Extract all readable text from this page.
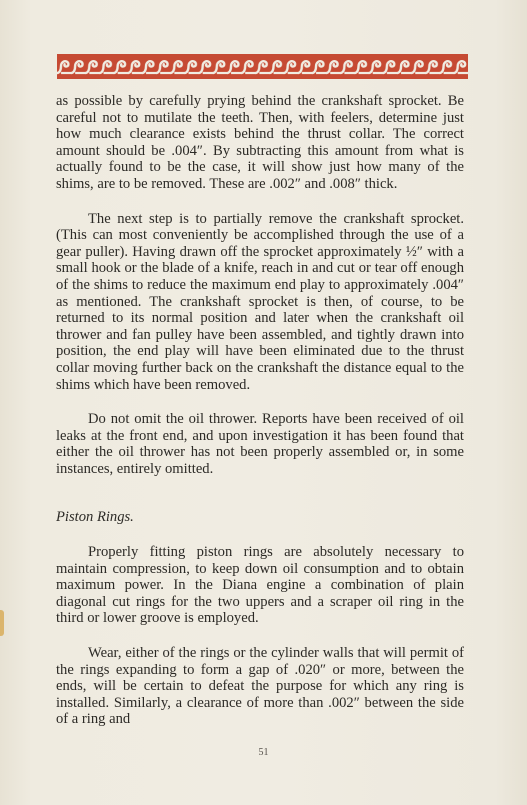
as possible by carefully prying behind the crankshaft sprocket. Be careful not to mutilate the teeth. Then, with feelers, determine just how much clearance exists behind the thrust collar. The correct amount should be .004″. By subtracting this amount from what is actually found to be the case, it will show just how many of the shims, are to be removed. These are .002″ and .008″ thick.

The next step is to partially remove the crankshaft sprocket. (This can most conveniently be accomplished through the use of a gear puller). Having drawn off the sprocket approximately ½″ with a small hook or the blade of a knife, reach in and cut or tear off enough of the shims to reduce the maximum end play to approximately .004″ as mentioned. The crankshaft sprocket is then, of course, to be returned to its normal position and later when the crankshaft oil thrower and fan pulley have been assembled, and tightly drawn into position, the end play will have been eliminated due to the thrust collar moving further back on the crankshaft the distance equal to the shims which have been removed.

Do not omit the oil thrower. Reports have been received of oil leaks at the front end, and upon investigation it has been found that either the oil thrower has not been properly assembled or, in some instances, entirely omitted.

Piston Rings.

Properly fitting piston rings are absolutely necessary to maintain compression, to keep down oil consumption and to obtain maximum power. In the Diana engine a combination of plain diagonal cut rings for the two uppers and a scraper oil ring in the third or lower groove is employed.

Wear, either of the rings or the cylinder walls that will permit of the rings expanding to form a gap of .020″ or more, between the ends, will be certain to defeat the purpose for which any ring is installed. Similarly, a clearance of more than .002″ between the side of a ring and

51
